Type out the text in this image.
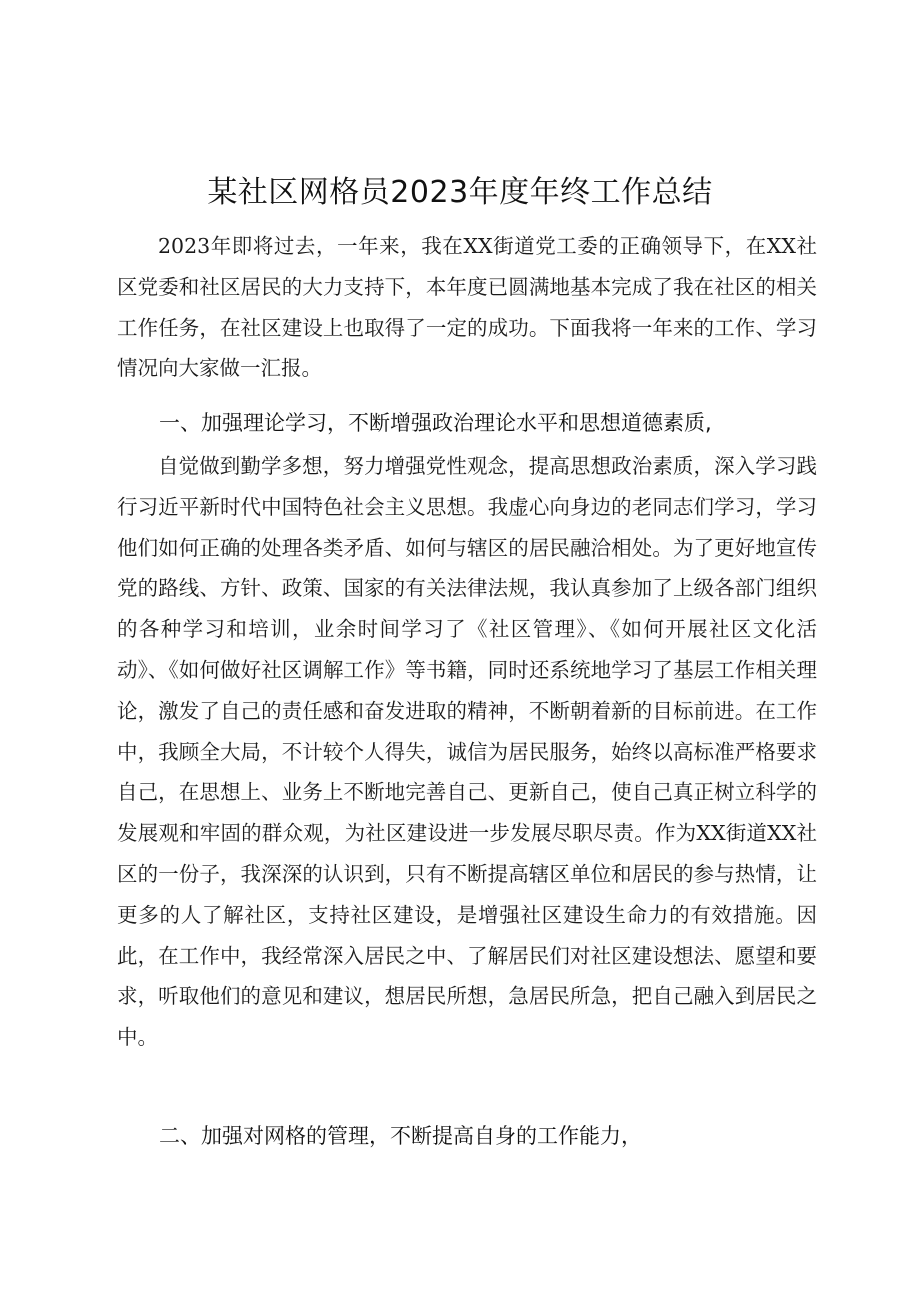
某社区网格员2023年度年终工作总结

2023年即将过去，一年来，我在XX街道党工委的正确领导下，在XX社区党委和社区居民的大力支持下，本年度已圆满地基本完成了我在社区的相关工作任务，在社区建设上也取得了一定的成功。下面我将一年来的工作、学习情况向大家做一汇报。

一、加强理论学习，不断增强政治理论水平和思想道德素质,

自觉做到勤学多想，努力增强党性观念，提高思想政治素质，深入学习践行习近平新时代中国特色社会主义思想。我虚心向身边的老同志们学习，学习他们如何正确的处理各类矛盾、如何与辖区的居民融洽相处。为了更好地宣传党的路线、方针、政策、国家的有关法律法规，我认真参加了上级各部门组织的各种学习和培训，业余时间学习了《社区管理》、《如何开展社区文化活动》、《如何做好社区调解工作》等书籍，同时还系统地学习了基层工作相关理论，激发了自己的责任感和奋发进取的精神，不断朝着新的目标前进。在工作中，我顾全大局，不计较个人得失，诚信为居民服务，始终以高标准严格要求自己，在思想上、业务上不断地完善自己、更新自己，使自己真正树立科学的发展观和牢固的群众观，为社区建设进一步发展尽职尽责。作为XX街道XX社区的一份子，我深深的认识到，只有不断提高辖区单位和居民的参与热情，让更多的人了解社区，支持社区建设，是增强社区建设生命力的有效措施。因此，在工作中，我经常深入居民之中、了解居民们对社区建设想法、愿望和要求，听取他们的意见和建议，想居民所想，急居民所急，把自己融入到居民之中。

二、加强对网格的管理，不断提高自身的工作能力，
